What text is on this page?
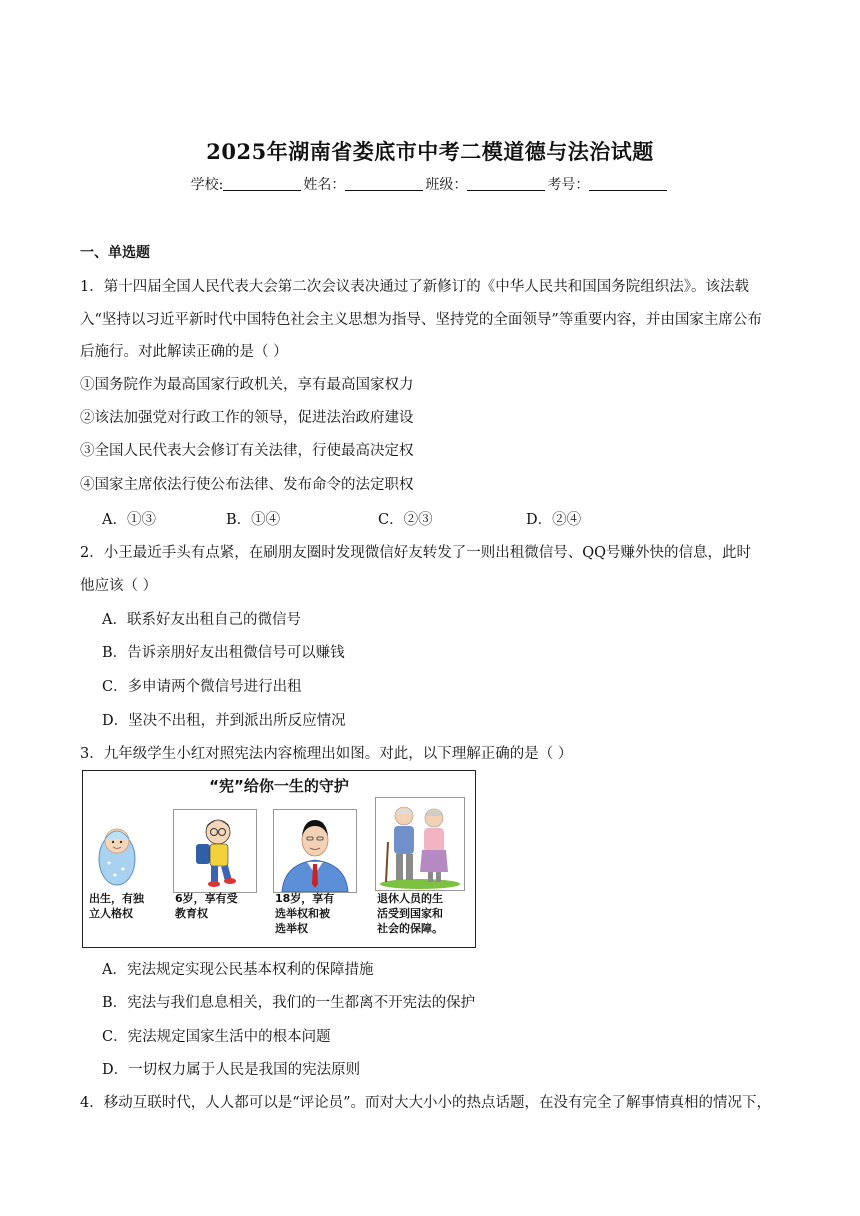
2025年湖南省娄底市中考二模道德与法治试题
学校:	姓名：	班级：	考号：
一、单选题
1．第十四届全国人民代表大会第二次会议表决通过了新修订的《中华人民共和国国务院组织法》。该法载
入“坚持以习近平新时代中国特色社会主义思想为指导、坚持党的全面领导”等重要内容，并由国家主席公布
后施行。对此解读正确的是（ ）
①国务院作为最高国家行政机关，享有最高国家权力
②该法加强党对行政工作的领导，促进法治政府建设
③全国人民代表大会修订有关法律，行使最高决定权
④国家主席依法行使公布法律、发布命令的法定职权
A．①③	B．①④	C．②③	D．②④
2．小王最近手头有点紧，在刷朋友圈时发现微信好友转发了一则出租微信号、QQ号赚外快的信息，此时
他应该（ ）
A．联系好友出租自己的微信号
B．告诉亲朋好友出租微信号可以赚钱
C．多申请两个微信号进行出租
D．坚决不出租，并到派出所反应情况
3．九年级学生小红对照宪法内容梳理出如图。对此，以下理解正确的是（ ）
“宪”给你一生的守护
出生，有独
立人格权
6岁，享有受
教育权
18岁，享有
选举权和被
选举权
退休人员的生
活受到国家和
社会的保障。
A．宪法规定实现公民基本权利的保障措施
B．宪法与我们息息相关，我们的一生都离不开宪法的保护
C．宪法规定国家生活中的根本问题
D．一切权力属于人民是我国的宪法原则
4．移动互联时代，人人都可以是“评论员”。而对大大小小的热点话题，在没有完全了解事情真相的情况下，
